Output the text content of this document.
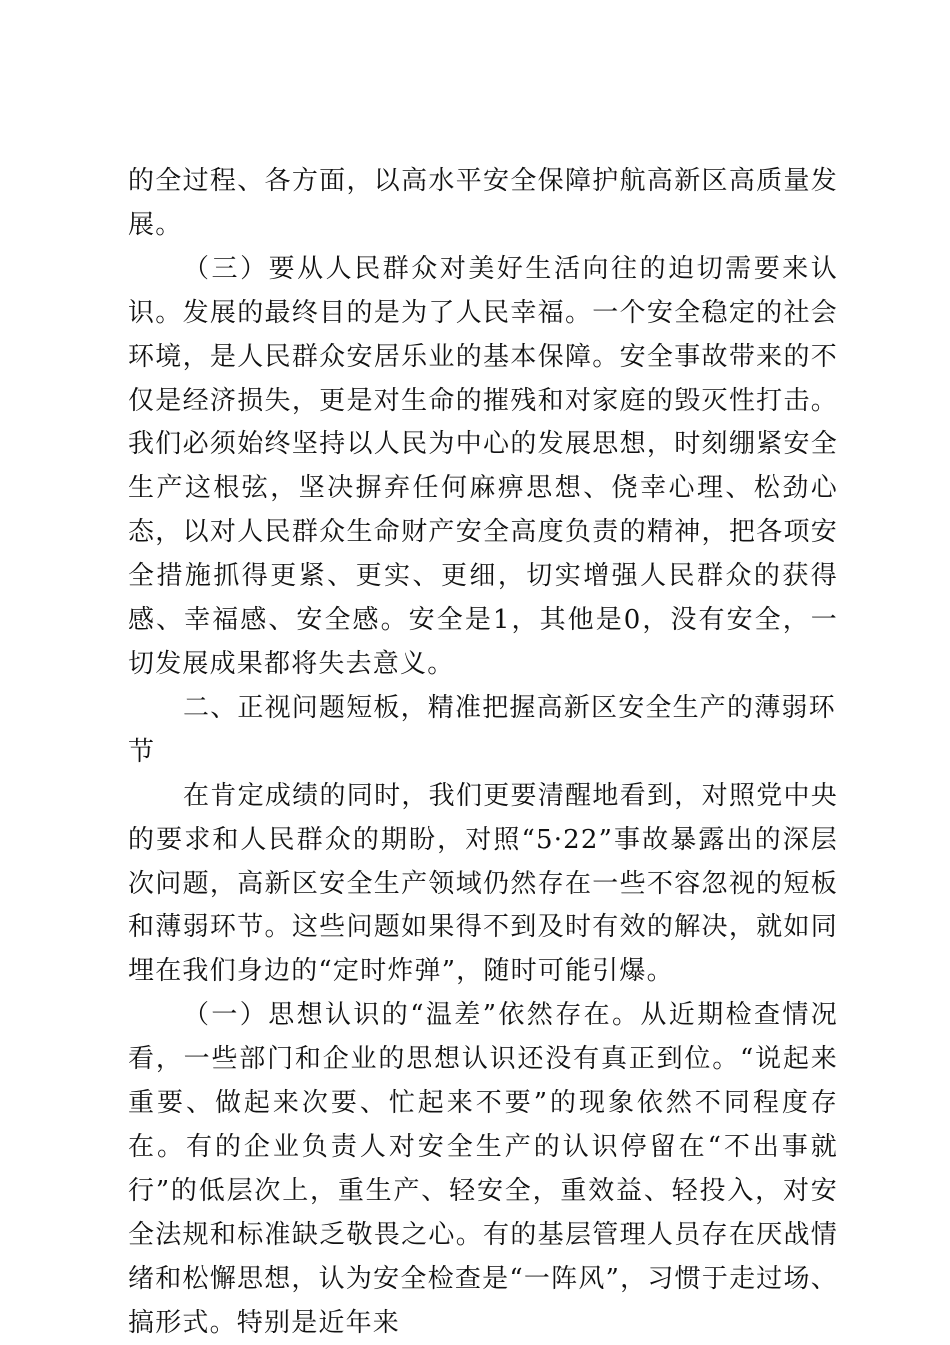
的全过程、各方面，以高水平安全保障护航高新区高质量发展。

（三）要从人民群众对美好生活向往的迫切需要来认识。发展的最终目的是为了人民幸福。一个安全稳定的社会环境，是人民群众安居乐业的基本保障。安全事故带来的不仅是经济损失，更是对生命的摧残和对家庭的毁灭性打击。我们必须始终坚持以人民为中心的发展思想，时刻绷紧安全生产这根弦，坚决摒弃任何麻痹思想、侥幸心理、松劲心态，以对人民群众生命财产安全高度负责的精神，把各项安全措施抓得更紧、更实、更细，切实增强人民群众的获得感、幸福感、安全感。安全是1，其他是0，没有安全，一切发展成果都将失去意义。

二、正视问题短板，精准把握高新区安全生产的薄弱环节

在肯定成绩的同时，我们更要清醒地看到，对照党中央的要求和人民群众的期盼，对照“5·22”事故暴露出的深层次问题，高新区安全生产领域仍然存在一些不容忽视的短板和薄弱环节。这些问题如果得不到及时有效的解决，就如同埋在我们身边的“定时炸弹”，随时可能引爆。

（一）思想认识的“温差”依然存在。从近期检查情况看，一些部门和企业的思想认识还没有真正到位。“说起来重要、做起来次要、忙起来不要”的现象依然不同程度存在。有的企业负责人对安全生产的认识停留在“不出事就行”的低层次上，重生产、轻安全，重效益、轻投入，对安全法规和标准缺乏敬畏之心。有的基层管理人员存在厌战情绪和松懈思想，认为安全检查是“一阵风”，习惯于走过场、搞形式。特别是近年来
